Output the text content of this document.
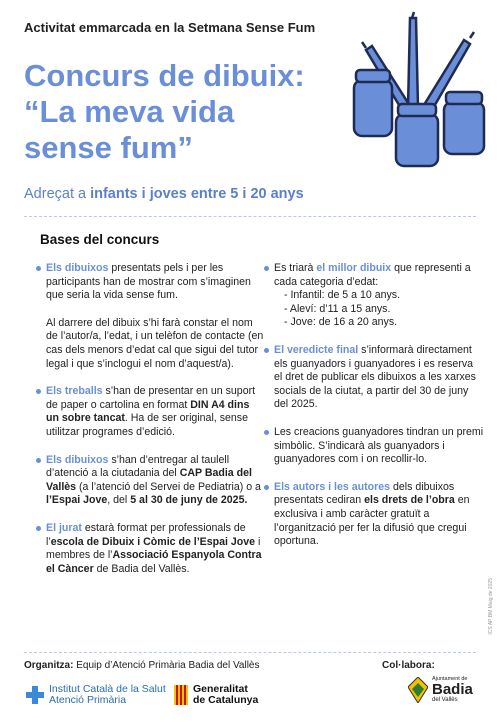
Activitat emmarcada en la Setmana Sense Fum
Concurs de dibuix:
“La meva vida
sense fum”
Adreçat a infants i joves entre 5 i 20 anys
Bases del concurs
Els dibuixos presentats pels i per les participants han de mostrar com s’imaginen que seria la vida sense fum.
Al darrere del dibuix s’hi farà constar el nom de l’autor/a, l’edat, i un telèfon de contacte (en cas dels menors d’edat cal que sigui del tutor legal i que s’inclogui el nom d’aquest/a).
Els treballs s’han de presentar en un suport de paper o cartolina en format DIN A4 dins un sobre tancat. Ha de ser original, sense utilitzar programes d’edició.
Els dibuixos s’han d’entregar al taulell d’atenció a la ciutadania del CAP Badia del Vallès (a l’atenció del Servei de Pediatria) o a l’Espai Jove, del 5 al 30 de juny de 2025.
El jurat estarà format per professionals de l’escola de Dibuix i Còmic de l’Espai Jove i membres de l’Associació Espanyola Contra el Càncer de Badia del Vallès.
Es triarà el millor dibuix que representi a cada categoria d’edat:
- Infantil: de 5 a 10 anys.
- Aleví: d’11 a 15 anys.
- Jove: de 16 a 20 anys.
El veredicte final s’informarà directament els guanyadors i guanyadores i es reserva el dret de publicar els dibuixos a les xarxes socials de la ciutat, a partir del 30 de juny del 2025.
Les creacions guanyadores tindran un premi simbòlic. S’indicarà als guanyadors i guanyadores com i on recollir-lo.
Els autors i les autores dels dibuixos presentats cediran els drets de l’obra en exclusiva i amb caràcter gratuït a l’organització per fer la difusió que cregui oportuna.
ICS AP BM Maig de 2025
Organitza: Equip d’Atenció Primària Badia del Vallès	Col·labora:
Institut Català de la Salut
Atenció Primària
Generalitat
de Catalunya
Ajuntament de
Badia
del Vallès
